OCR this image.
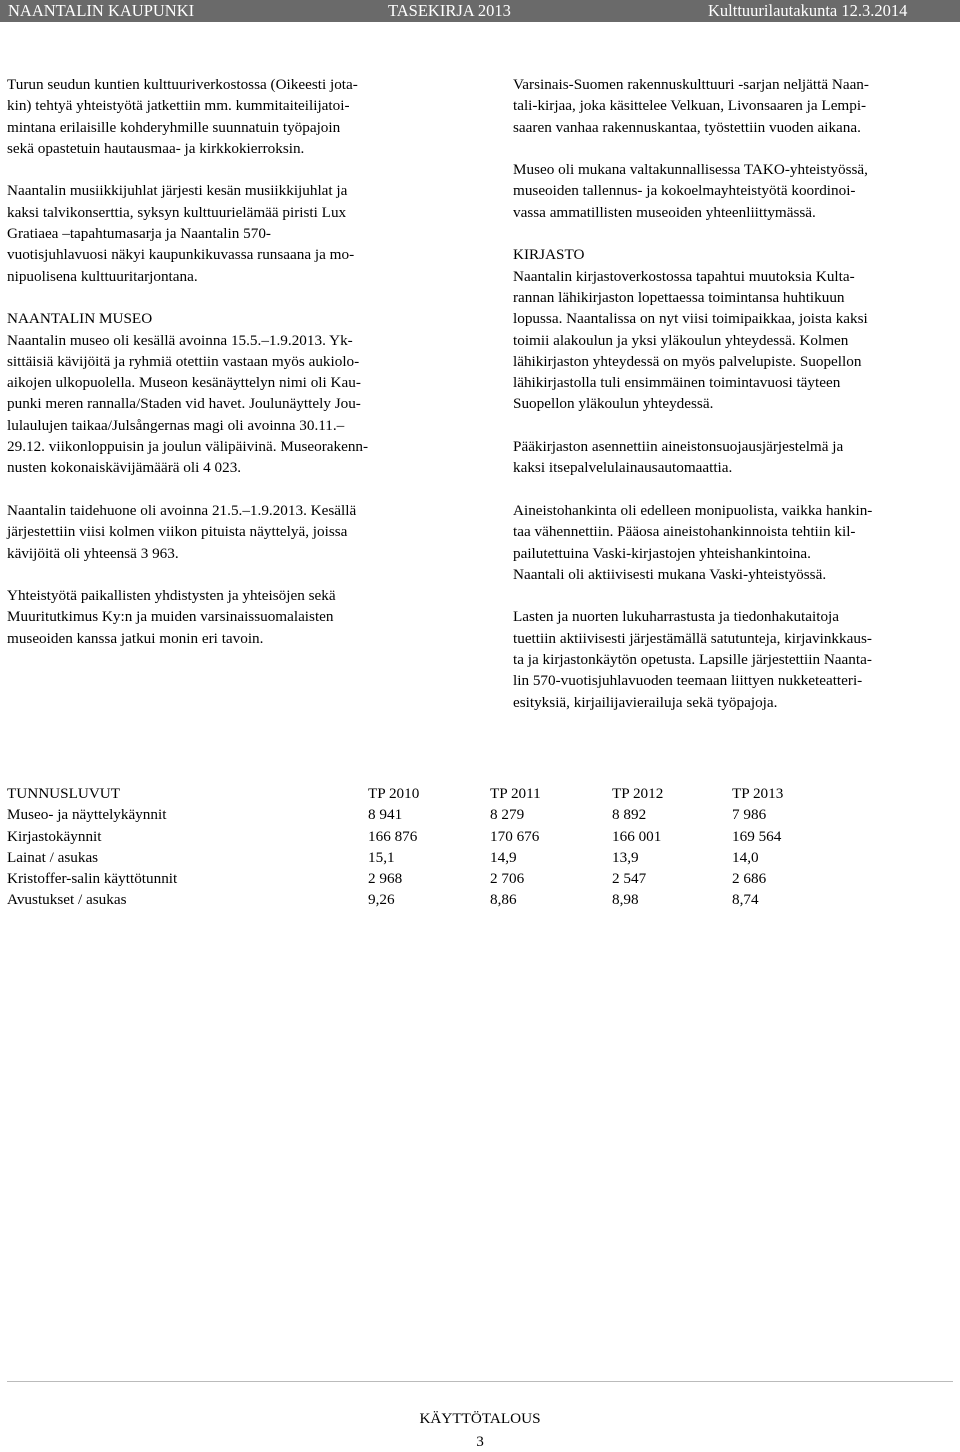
NAANTALIN KAUPUNKI	TASEKIRJA 2013	Kulttuurilautakunta 12.3.2014

Turun seudun kuntien kulttuuriverkostossa (Oikeesti jota-
kin) tehtyä yhteistyötä jatkettiin mm. kummitaiteilijatoi-
mintana erilaisille kohderyhmille suunnatuin työpajoin
sekä opastetuin hautausmaa- ja kirkkokierroksin.

Naantalin musiikkijuhlat järjesti kesän musiikkijuhlat ja
kaksi talvikonserttia, syksyn kulttuurielämää piristi Lux
Gratiaea –tapahtumasarja ja Naantalin 570-
vuotisjuhlavuosi näkyi kaupunkikuvassa runsaana ja mo-
nipuolisena kulttuuritarjontana.

NAANTALIN MUSEO
Naantalin museo oli kesällä avoinna 15.5.–1.9.2013. Yk-
sittäisiä kävijöitä ja ryhmiä otettiin vastaan myös aukiolo-
aikojen ulkopuolella. Museon kesänäyttelyn nimi oli Kau-
punki meren rannalla/Staden vid havet. Joulunäyttely Jou-
lulaulujen taikaa/Julsångernas magi oli avoinna 30.11.–
29.12. viikonloppuisin ja joulun välipäivinä. Museorakenn-
nusten kokonaiskävijämäärä oli 4 023.

Naantalin taidehuone oli avoinna 21.5.–1.9.2013. Kesällä
järjestettiin viisi kolmen viikon pituista näyttelyä, joissa
kävijöitä oli yhteensä 3 963.

Yhteistyötä paikallisten yhdistysten ja yhteisöjen sekä
Muuritutkimus Ky:n ja muiden varsinaissuomalaisten
museoiden kanssa jatkui monin eri tavoin.

Varsinais-Suomen rakennuskulttuuri -sarjan neljättä Naan-
tali-kirjaa, joka käsittelee Velkuan, Livonsaaren ja Lempi-
saaren vanhaa rakennuskantaa, työstettiin vuoden aikana.

Museo oli mukana valtakunnallisessa TAKO-yhteistyössä,
museoiden tallennus- ja kokoelmayhteistyötä koordinoi-
vassa ammatillisten museoiden yhteenliittymässä.

KIRJASTO
Naantalin kirjastoverkostossa tapahtui muutoksia Kulta-
rannan lähikirjaston lopettaessa toimintansa huhtikuun
lopussa. Naantalissa on nyt viisi toimipaikkaa, joista kaksi
toimii alakoulun ja yksi yläkoulun yhteydessä. Kolmen
lähikirjaston yhteydessä on myös palvelupiste. Suopellon
lähikirjastolla tuli ensimmäinen toimintavuosi täyteen
Suopellon yläkoulun yhteydessä.

Pääkirjaston asennettiin aineistonsuojausjärjestelmä ja
kaksi itsepalvelulainausautomaattia.

Aineistohankinta oli edelleen monipuolista, vaikka hankin-
taa vähennettiin. Pääosa aineistohankinnoista tehtiin kil-
pailutettuina Vaski-kirjastojen yhteishankintoina.
Naantali oli aktiivisesti mukana Vaski-yhteistyössä.

Lasten ja nuorten lukuharrastusta ja tiedonhakutaitoja
tuettiin aktiivisesti järjestämällä satutunteja, kirjavinkkaus-
ta ja kirjastonkäytön opetusta. Lapsille järjestettiin Naanta-
lin 570-vuotisjuhlavuoden teemaan liittyen nukketeatteri-
esityksiä, kirjailijavierailuja sekä työpajoja.

TUNNUSLUVUT	TP 2010	TP 2011	TP 2012	TP 2013
Museo- ja näyttelykäynnit	8 941	8 279	8 892	7 986
Kirjastokäynnit	166 876	170 676	166 001	169 564
Lainat / asukas	15,1	14,9	13,9	14,0
Kristoffer-salin käyttötunnit	2 968	2 706	2 547	2 686
Avustukset / asukas	9,26	8,86	8,98	8,74
KÄYTTÖTALOUS
3
